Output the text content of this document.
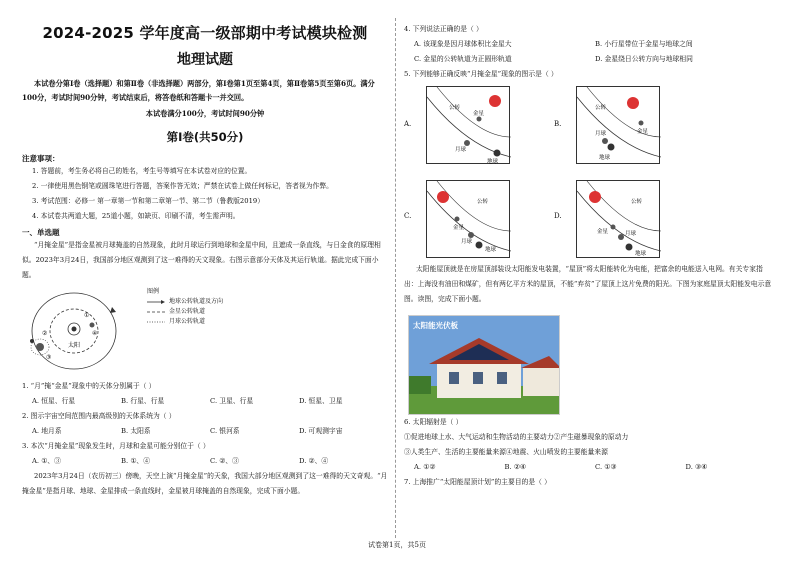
2024-2025 学年度高一级部期中考试模块检测
地理试题
本试卷分第Ⅰ卷（选择题）和第Ⅱ卷（非选择题）两部分，第Ⅰ卷第1页至第4页，第Ⅱ卷第5页至第6页。满分100分，考试时间90分钟，考试结束后，将答卷纸和答题卡一并交回。
本试卷满分100分，考试时间90分钟
第Ⅰ卷(共50分)
注意事项：
1. 答题前，考生务必将自己的姓名，考生号等填写在本试卷对应的位置。
2. 一律使用黑色钢笔或圆珠笔进行答题，答案作答无效；严禁在试卷上做任何标记，答者视为作弊。
3. 考试范围：必修一 第一章第一节和第二章第一节、第二节（鲁教版2019）
4. 本试卷共两道大题，25道小题，如缺页、印刷不清，考生需声明。
一、单选题
“月掩金星”是指金星被月球掩盖的自然现象，此时月球运行到地球和金星中间，且遮成一条直线，与日金食的原理相似。2023年3月24日，我国部分地区观测到了这一难得的天文现象。右图示意部分天体及其运行轨道。据此完成下面小题。
太阳
①
④
②
③
图例
地球公转轨道及方向
金星公转轨道
月球公转轨道
1. “月”掩“金星”现象中的天体分别属于（ ）
A. 恒星、行星	B. 行星、行星	C. 卫星、行星	D. 恒星、卫星
2. 图示宇宙空间范围内最高级别的天体系统为（ ）
A. 地月系	B. 太阳系	C. 银河系	D. 可观测宇宙
3. 本次“月掩金星”现象发生时，月球和金星可能分别位于（ ）
A. ①、③	B. ①、④	C. ②、③	D. ②、④
2023年3月24日（农历初三）傍晚，天空上演“月掩金星”的天象，我国大部分地区观测到了这一难得的天文奇观。“月掩金星”是指月球、地球、金星排成一条直线时，金星被月球掩盖的自然现象，完成下面小题。
4. 下列说法正确的是（ ）
A. 该现象是因月球体积比金星大	B. 小行星带位于金星与地球之间
C. 金星的公转轨道为正圆形轨道	D. 金星绕日公转方向与地球相同
5. 下列能够正确反映“月掩金星”现象的图示是（ ）
A.
金星
月球
地球
公转
B.
金星
月球
地球
公转
C.
金星
月球
地球
公转
D.
金星	月球
地球
公转
太阳能屋顶就是在房屋顶部装设太阳能发电装置，“屋顶”将太阳能转化为电能，把富余的电能送入电网。有关专家指出：上海没有油田和煤矿，但有两亿平方米的屋顶，不能“弃贫”了屋顶上这片免费的阳光。下图为家庭屋顶太阳能发电示意图。读图，完成下面小题。
太阳能光伏板
6. 太阳辐射是（ ）
①促进地球上水、大气运动和生物活动的主要动力②产生磁暴现象的原动力
③人类生产、生活的主要能量来源④地震、火山喷发的主要能量来源
A. ①②	B. ②④	C. ①③	D. ③④
7. 上海推广“太阳能屋顶计划”的主要目的是（ ）
试卷第1页，共5页
